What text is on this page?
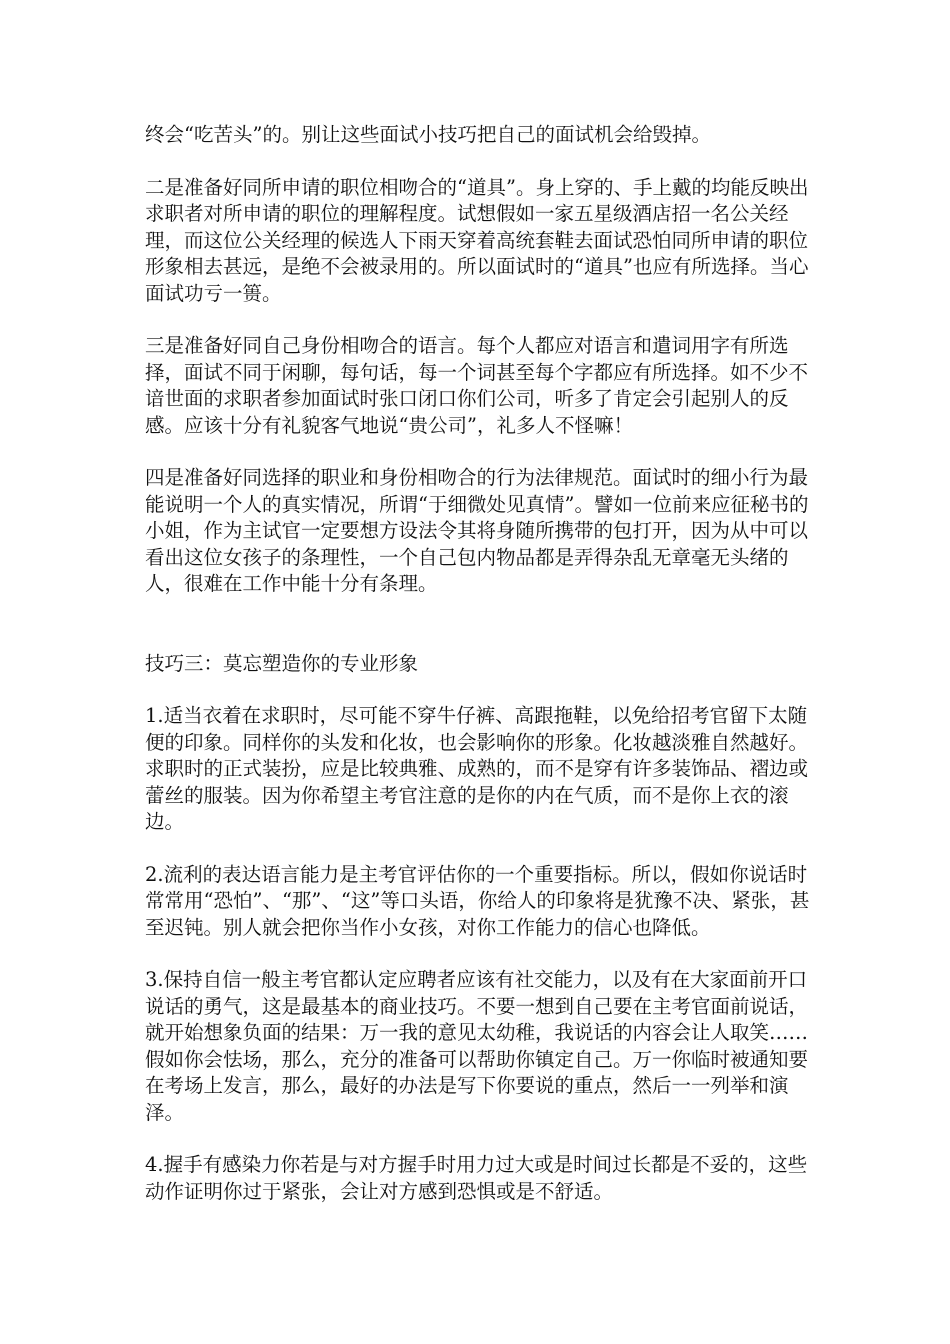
终会“吃苦头”的。别让这些面试小技巧把自己的面试机会给毁掉。

二是准备好同所申请的职位相吻合的“道具”。身上穿的、手上戴的均能反映出求职者对所申请的职位的理解程度。试想假如一家五星级酒店招一名公关经理，而这位公关经理的候选人下雨天穿着高统套鞋去面试恐怕同所申请的职位形象相去甚远，是绝不会被录用的。所以面试时的“道具”也应有所选择。当心面试功亏一篑。

三是准备好同自己身份相吻合的语言。每个人都应对语言和遣词用字有所选择，面试不同于闲聊，每句话，每一个词甚至每个字都应有所选择。如不少不谙世面的求职者参加面试时张口闭口你们公司，听多了肯定会引起别人的反感。应该十分有礼貌客气地说“贵公司”，礼多人不怪嘛！

四是准备好同选择的职业和身份相吻合的行为法律规范。面试时的细小行为最能说明一个人的真实情况，所谓“于细微处见真情”。譬如一位前来应征秘书的小姐，作为主试官一定要想方设法令其将身随所携带的包打开，因为从中可以看出这位女孩子的条理性，一个自己包内物品都是弄得杂乱无章毫无头绪的人，很难在工作中能十分有条理。

技巧三：莫忘塑造你的专业形象

1.适当衣着在求职时，尽可能不穿牛仔裤、高跟拖鞋，以免给招考官留下太随便的印象。同样你的头发和化妆，也会影响你的形象。化妆越淡雅自然越好。求职时的正式装扮，应是比较典雅、成熟的，而不是穿有许多装饰品、褶边或蕾丝的服装。因为你希望主考官注意的是你的内在气质，而不是你上衣的滚边。

2.流利的表达语言能力是主考官评估你的一个重要指标。所以，假如你说话时常常用“恐怕”、“那”、“这”等口头语，你给人的印象将是犹豫不决、紧张，甚至迟钝。别人就会把你当作小女孩，对你工作能力的信心也降低。

3.保持自信一般主考官都认定应聘者应该有社交能力，以及有在大家面前开口说话的勇气，这是最基本的商业技巧。不要一想到自己要在主考官面前说话，就开始想象负面的结果：万一我的意见太幼稚，我说话的内容会让人取笑……假如你会怯场，那么，充分的准备可以帮助你镇定自己。万一你临时被通知要在考场上发言，那么，最好的办法是写下你要说的重点，然后一一列举和演泽。

4.握手有感染力你若是与对方握手时用力过大或是时间过长都是不妥的，这些动作证明你过于紧张，会让对方感到恐惧或是不舒适。
